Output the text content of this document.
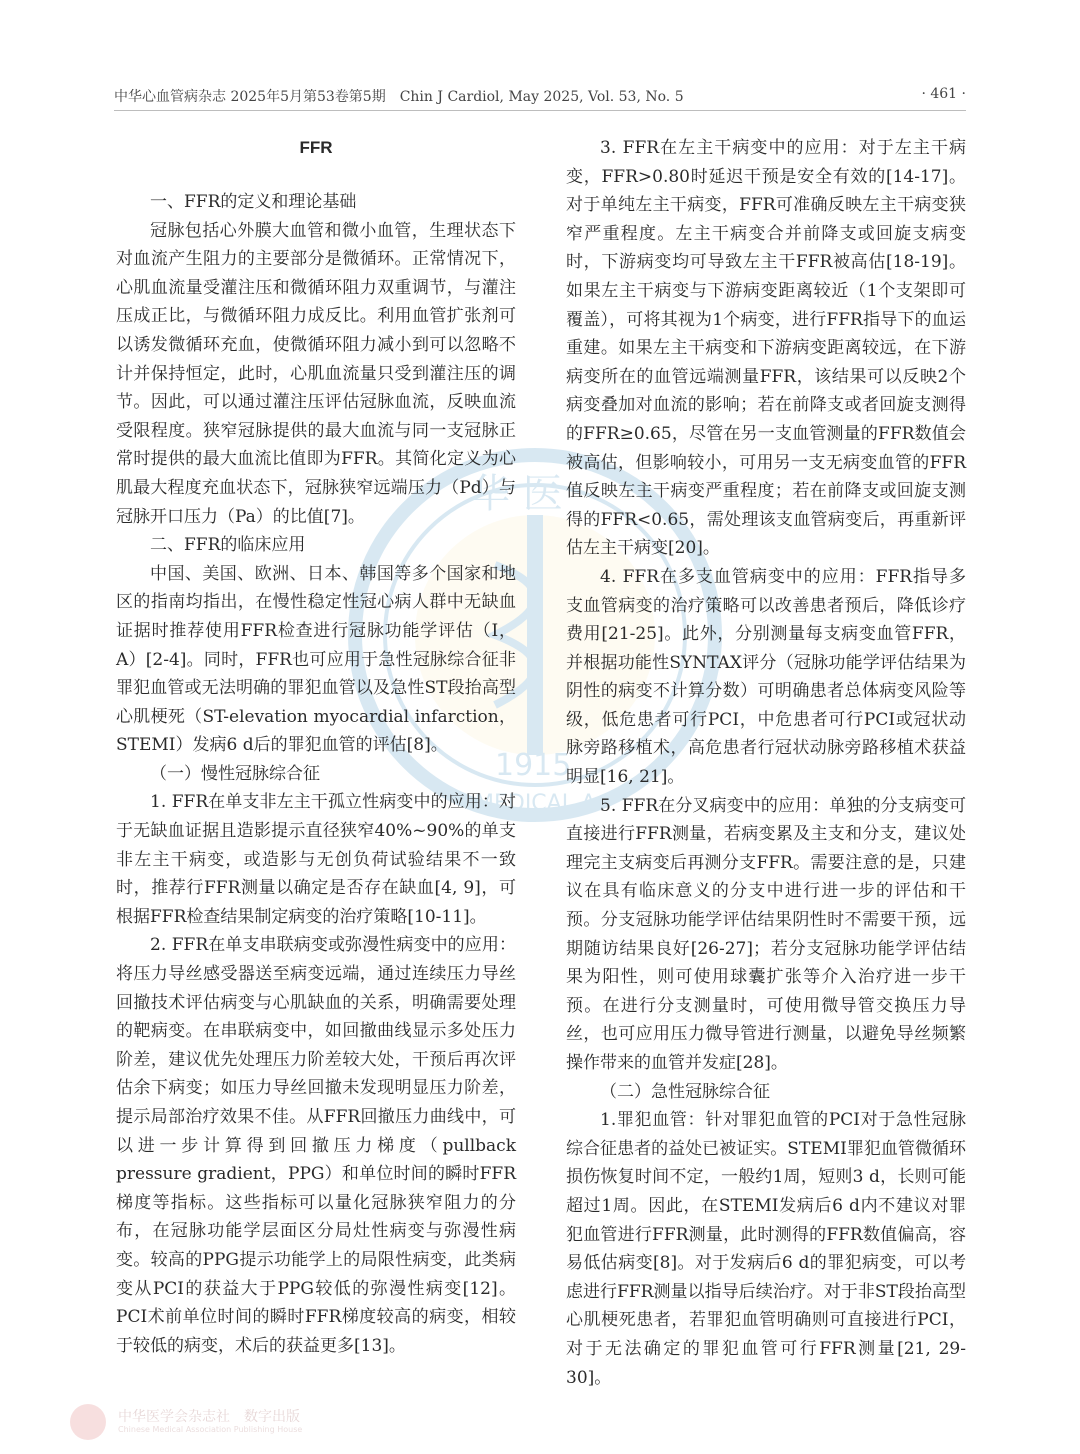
中华心血管病杂志 2025年5月第53卷第5期　Chin J Cardiol, May 2025, Vol. 53, No. 5	· 461 ·
华 医
1915
MEDICAL A
FFR
一、FFR的定义和理论基础

冠脉包括心外膜大血管和微小血管，生理状态下对血流产生阻力的主要部分是微循环。正常情况下，心肌血流量受灌注压和微循环阻力双重调节，与灌注压成正比，与微循环阻力成反比。利用血管扩张剂可以诱发微循环充血，使微循环阻力减小到可以忽略不计并保持恒定，此时，心肌血流量只受到灌注压的调节。因此，可以通过灌注压评估冠脉血流，反映血流受限程度。狭窄冠脉提供的最大血流与同一支冠脉正常时提供的最大血流比值即为FFR。其简化定义为心肌最大程度充血状态下，冠脉狭窄远端压力（Pd）与冠脉开口压力（Pa）的比值[7]。

二、FFR的临床应用

中国、美国、欧洲、日本、韩国等多个国家和地区的指南均指出，在慢性稳定性冠心病人群中无缺血证据时推荐使用FFR检查进行冠脉功能学评估（Ⅰ，A）[2-4]。同时，FFR也可应用于急性冠脉综合征非罪犯血管或无法明确的罪犯血管以及急性ST段抬高型心肌梗死（ST-elevation myocardial infarction，STEMI）发病6 d后的罪犯血管的评估[8]。

（一）慢性冠脉综合征

1. FFR在单支非左主干孤立性病变中的应用：对于无缺血证据且造影提示直径狭窄40%~90%的单支非左主干病变，或造影与无创负荷试验结果不一致时，推荐行FFR测量以确定是否存在缺血[4, 9]，可根据FFR检查结果制定病变的治疗策略[10-11]。

2. FFR在单支串联病变或弥漫性病变中的应用：将压力导丝感受器送至病变远端，通过连续压力导丝回撤技术评估病变与心肌缺血的关系，明确需要处理的靶病变。在串联病变中，如回撤曲线显示多处压力阶差，建议优先处理压力阶差较大处，干预后再次评估余下病变；如压力导丝回撤未发现明显压力阶差，提示局部治疗效果不佳。从FFR回撤压力曲线中，可以进一步计算得到回撤压力梯度（pullback pressure gradient，PPG）和单位时间的瞬时FFR梯度等指标。这些指标可以量化冠脉狭窄阻力的分布，在冠脉功能学层面区分局灶性病变与弥漫性病变。较高的PPG提示功能学上的局限性病变，此类病变从PCI的获益大于PPG较低的弥漫性病变[12]。PCI术前单位时间的瞬时FFR梯度较高的病变，相较于较低的病变，术后的获益更多[13]。

3. FFR在左主干病变中的应用：对于左主干病变，FFR>0.80时延迟干预是安全有效的[14-17]。对于单纯左主干病变，FFR可准确反映左主干病变狭窄严重程度。左主干病变合并前降支或回旋支病变时，下游病变均可导致左主干FFR被高估[18-19]。如果左主干病变与下游病变距离较近（1个支架即可覆盖），可将其视为1个病变，进行FFR指导下的血运重建。如果左主干病变和下游病变距离较远，在下游病变所在的血管远端测量FFR，该结果可以反映2个病变叠加对血流的影响；若在前降支或者回旋支测得的FFR≥0.65，尽管在另一支血管测量的FFR数值会被高估，但影响较小，可用另一支无病变血管的FFR值反映左主干病变严重程度；若在前降支或回旋支测得的FFR<0.65，需处理该支血管病变后，再重新评估左主干病变[20]。

4. FFR在多支血管病变中的应用：FFR指导多支血管病变的治疗策略可以改善患者预后，降低诊疗费用[21-25]。此外，分别测量每支病变血管FFR，并根据功能性SYNTAX评分（冠脉功能学评估结果为阴性的病变不计算分数）可明确患者总体病变风险等级，低危患者可行PCI，中危患者可行PCI或冠状动脉旁路移植术，高危患者行冠状动脉旁路移植术获益明显[16, 21]。

5. FFR在分叉病变中的应用：单独的分支病变可直接进行FFR测量，若病变累及主支和分支，建议处理完主支病变后再测分支FFR。需要注意的是，只建议在具有临床意义的分支中进行进一步的评估和干预。分支冠脉功能学评估结果阴性时不需要干预，远期随访结果良好[26-27]；若分支冠脉功能学评估结果为阳性，则可使用球囊扩张等介入治疗进一步干预。在进行分支测量时，可使用微导管交换压力导丝，也可应用压力微导管进行测量，以避免导丝频繁操作带来的血管并发症[28]。

（二）急性冠脉综合征

1.罪犯血管：针对罪犯血管的PCI对于急性冠脉综合征患者的益处已被证实。STEMI罪犯血管微循环损伤恢复时间不定，一般约1周，短则3 d，长则可能超过1周。因此，在STEMI发病后6 d内不建议对罪犯血管进行FFR测量，此时测得的FFR数值偏高，容易低估病变[8]。对于发病后6 d的罪犯病变，可以考虑进行FFR测量以指导后续治疗。对于非ST段抬高型心肌梗死患者，若罪犯血管明确则可直接进行PCI，对于无法确定的罪犯血管可行FFR测量[21, 29-30]。

中华医学会杂志社　数字出版
Chinese Medical Association Publishing House
